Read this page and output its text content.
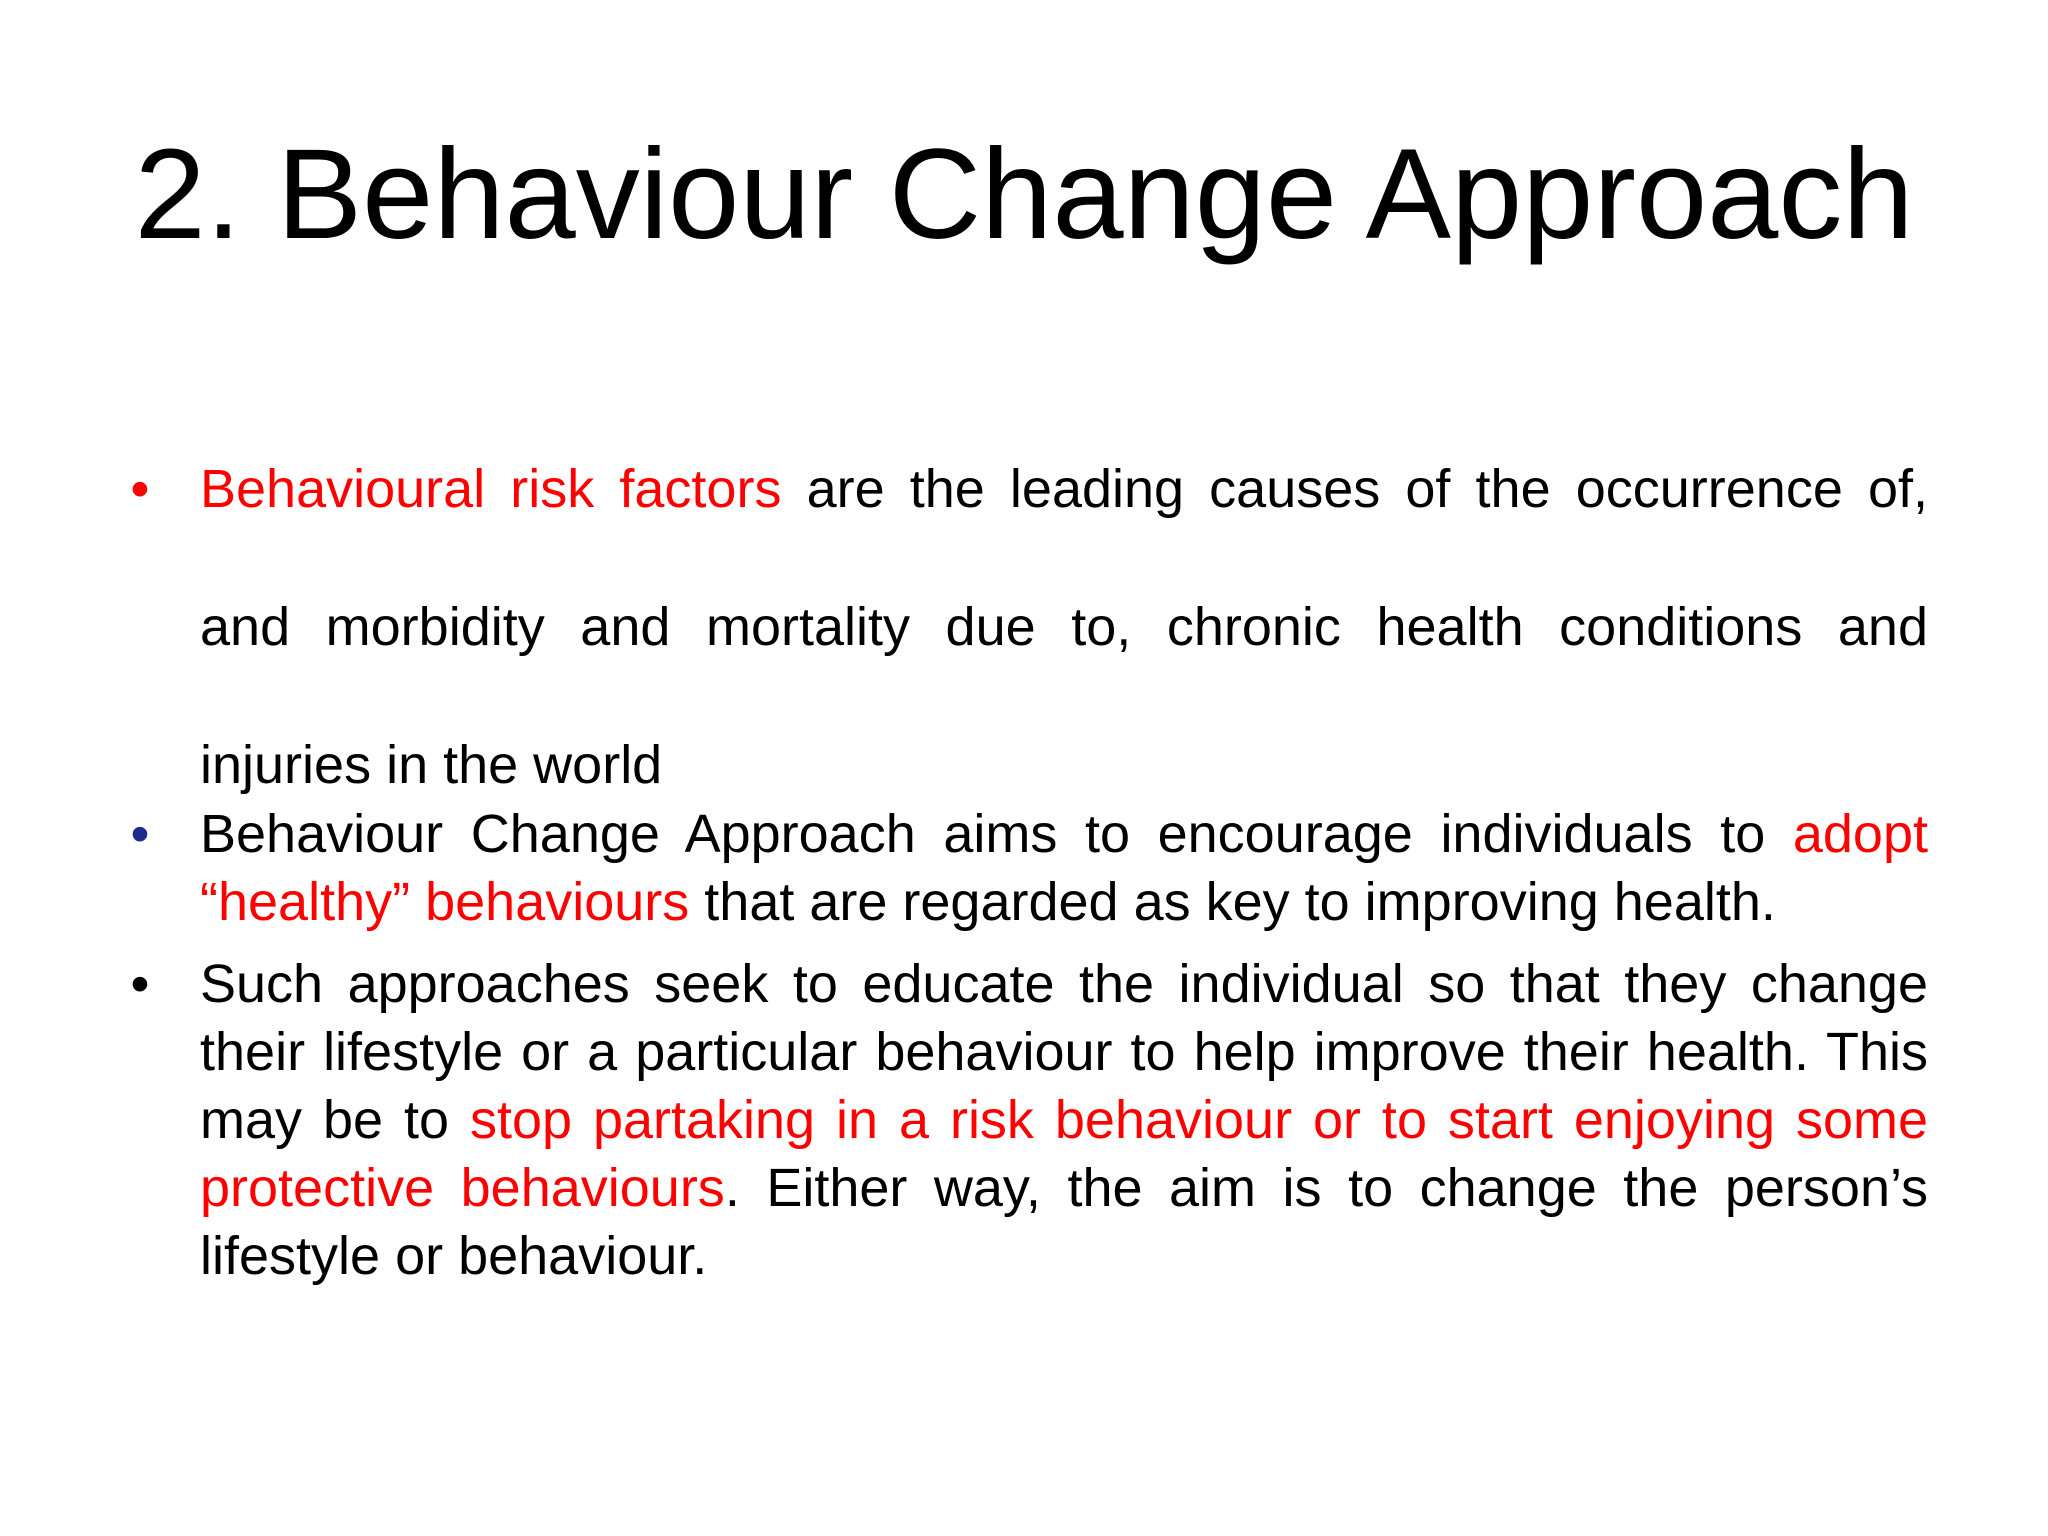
2. Behaviour Change Approach
• Behavioural risk factors are the leading causes of the occurrence of, and morbidity and mortality due to, chronic health conditions and injuries in the world
• Behaviour Change Approach aims to encourage individuals to adopt “healthy” behaviours that are regarded as key to improving health.
• Such approaches seek to educate the individual so that they change their lifestyle or a particular behaviour to help improve their health. This may be to stop partaking in a risk behaviour or to start enjoying some protective behaviours. Either way, the aim is to change the person’s lifestyle or behaviour.
